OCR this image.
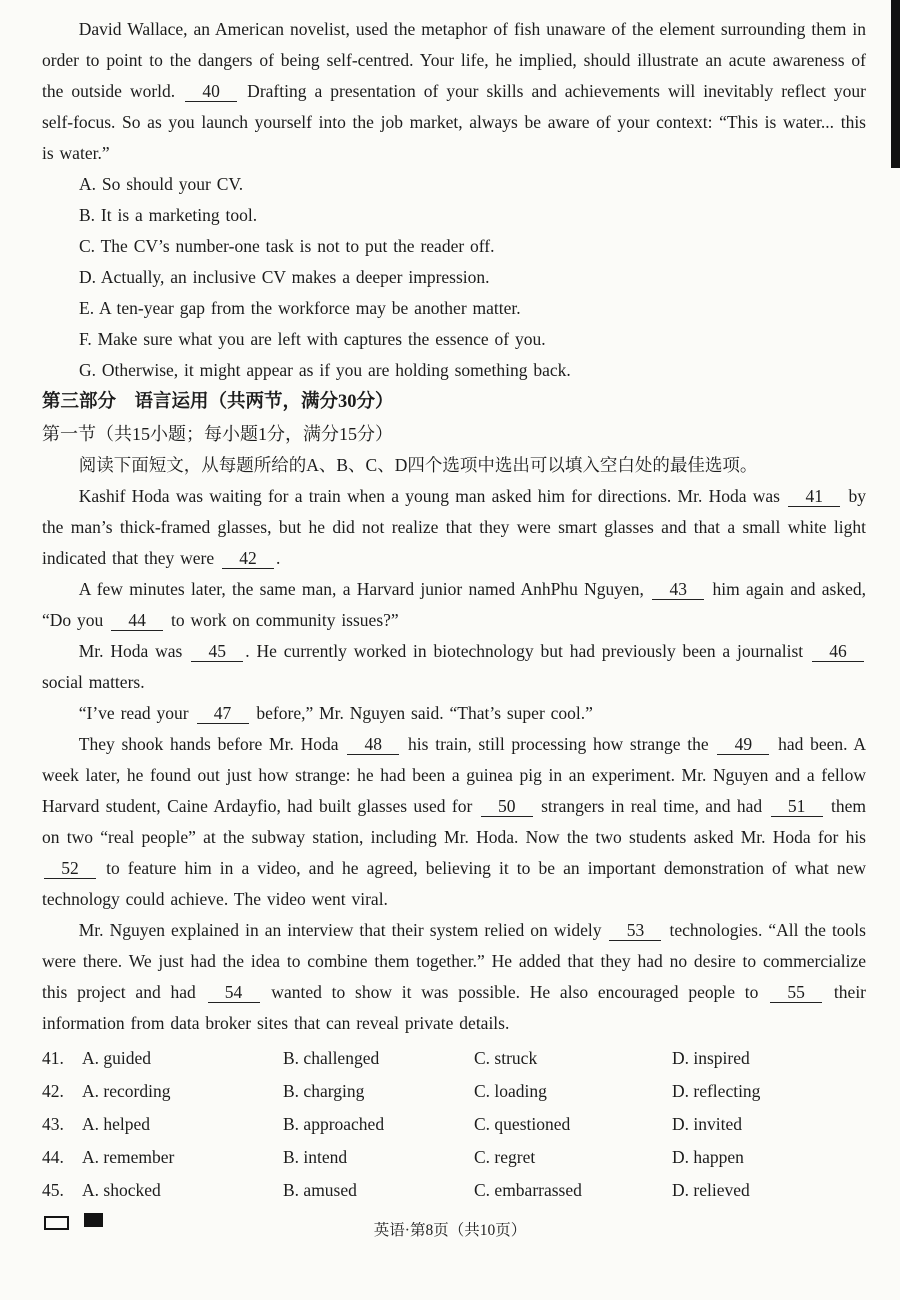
David Wallace, an American novelist, used the metaphor of fish unaware of the element surrounding them in order to point to the dangers of being self-centred. Your life, he implied, should illustrate an acute awareness of the outside world. 40 Drafting a presentation of your skills and achievements will inevitably reflect your self-focus. So as you launch yourself into the job market, always be aware of your context: “This is water... this is water.”

A. So should your CV.

B. It is a marketing tool.

C. The CV’s number-one task is not to put the reader off.

D. Actually, an inclusive CV makes a deeper impression.

E. A ten-year gap from the workforce may be another matter.

F. Make sure what you are left with captures the essence of you.

G. Otherwise, it might appear as if you are holding something back.

第三部分　语言运用（共两节，满分30分）

第一节（共15小题；每小题1分，满分15分）

阅读下面短文，从每题所给的A、B、C、D四个选项中选出可以填入空白处的最佳选项。

Kashif Hoda was waiting for a train when a young man asked him for directions. Mr. Hoda was 41 by the man’s thick-framed glasses, but he did not realize that they were smart glasses and that a small white light indicated that they were 42 .

A few minutes later, the same man, a Harvard junior named AnhPhu Nguyen, 43 him again and asked, “Do you 44 to work on community issues?”

Mr. Hoda was 45 . He currently worked in biotechnology but had previously been a journalist 46 social matters.

“I’ve read your 47 before,” Mr. Nguyen said. “That’s super cool.”

They shook hands before Mr. Hoda 48 his train, still processing how strange the 49 had been. A week later, he found out just how strange: he had been a guinea pig in an experiment. Mr. Nguyen and a fellow Harvard student, Caine Ardayfio, had built glasses used for 50 strangers in real time, and had 51 them on two “real people” at the subway station, including Mr. Hoda. Now the two students asked Mr. Hoda for his 52 to feature him in a video, and he agreed, believing it to be an important demonstration of what new technology could achieve. The video went viral.

Mr. Nguyen explained in an interview that their system relied on widely 53 technologies. “All the tools were there. We just had the idea to combine them together.” He added that they had no desire to commercialize this project and had 54 wanted to show it was possible. He also encouraged people to 55 their information from data broker sites that can reveal private details.

41.	A. guided	B. challenged	C. struck	D. inspired
42.	A. recording	B. charging	C. loading	D. reflecting
43.	A. helped	B. approached	C. questioned	D. invited
44.	A. remember	B. intend	C. regret	D. happen
45.	A. shocked	B. amused	C. embarrassed	D. relieved
英语·第8页（共10页）
